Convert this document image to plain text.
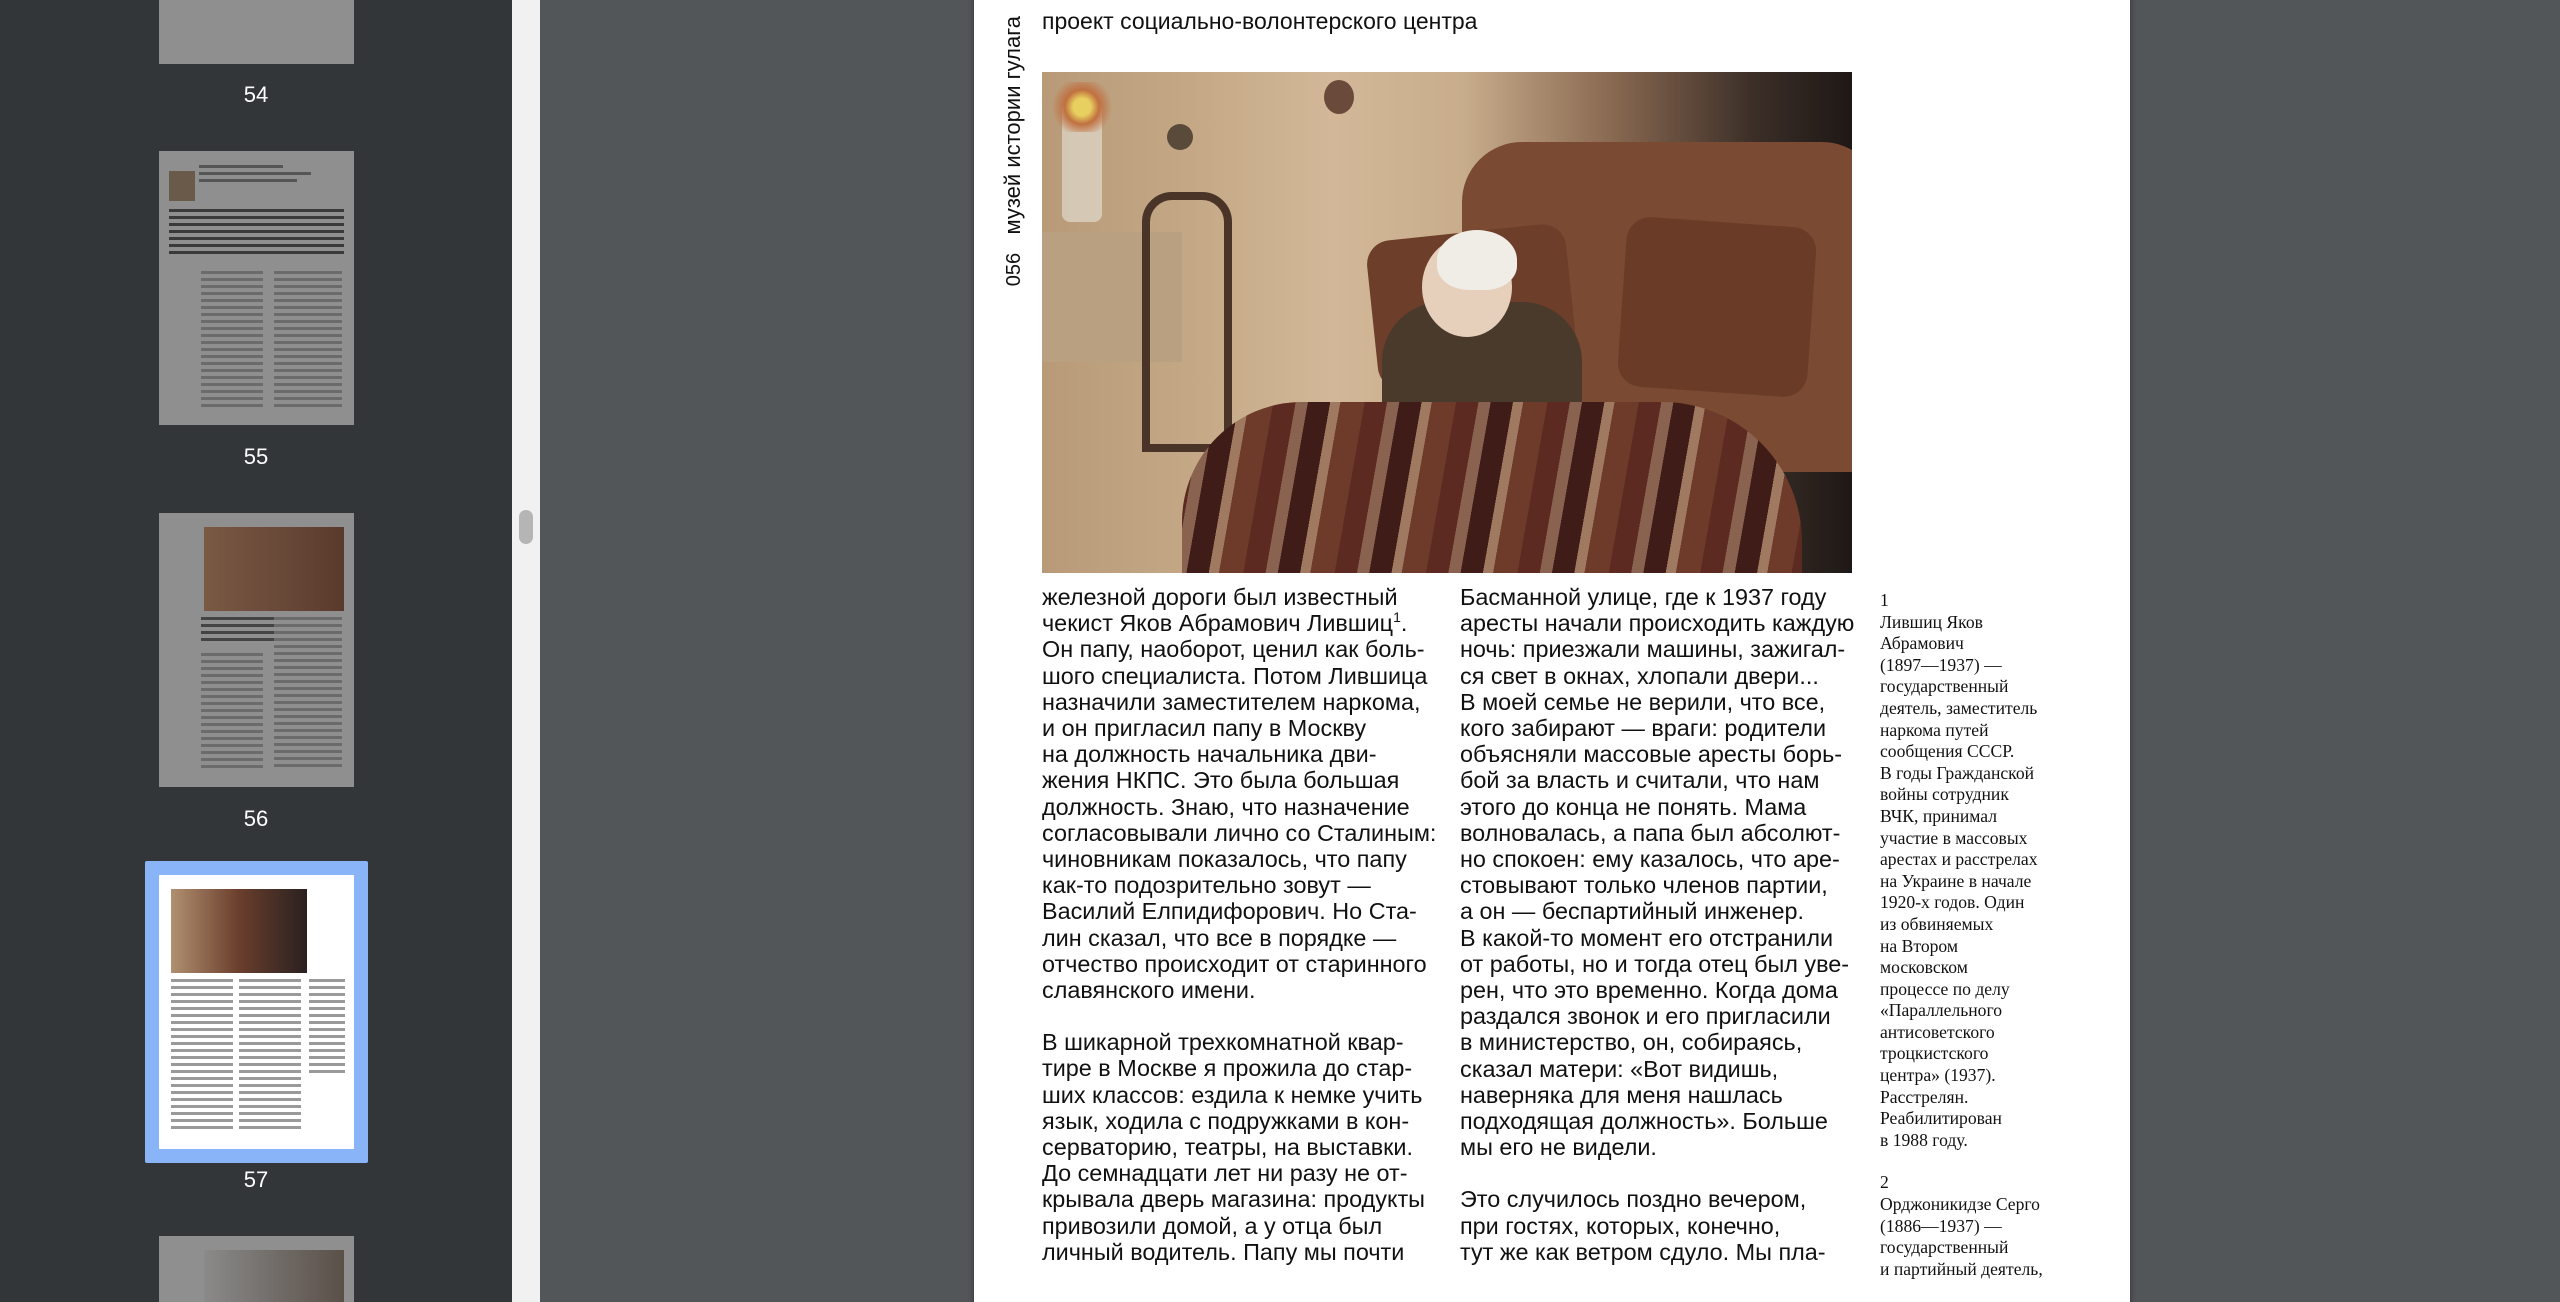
54
55
56
57
056   музей истории гулага проект социально-волонтерского центра

железной дороги был известный

чекист Яков Абрамович Лившиц$^1$.

Он папу, наоборот, ценил как боль-

шого специалиста. Потом Лившица

назначили заместителем наркома,

и он пригласил папу в Москву

на должность начальника дви-

жения НКПС. Это была большая

должность. Знаю, что назначение

согласовывали лично со Сталиным:

чиновникам показалось, что папу

как-то подозрительно зовут —

Василий Елпидифорович. Но Ста-

лин сказал, что все в порядке —

отчество происходит от старинного

славянского имени.

В шикарной трехкомнатной квар-

тире в Москве я прожила до стар-

ших классов: ездила к немке учить

язык, ходила с подружками в кон-

серваторию, театры, на выставки.

До семнадцати лет ни разу не от-

крывала дверь магазина: продукты

привозили домой, а у отца был

личный водитель. Папу мы почти

Басманной улице, где к 1937 году

аресты начали происходить каждую

ночь: приезжали машины, зажигал-

ся свет в окнах, хлопали двери...

В моей семье не верили, что все,

кого забирают — враги: родители

объясняли массовые аресты борь-

бой за власть и считали, что нам

этого до конца не понять. Мама

волновалась, а папа был абсолют-

но спокоен: ему казалось, что аре-

стовывают только членов партии,

а он — беспартийный инженер.

В какой-то момент его отстранили

от работы, но и тогда отец был уве-

рен, что это временно. Когда дома

раздался звонок и его пригласили

в министерство, он, собираясь,

сказал матери: «Вот видишь,

наверняка для меня нашлась

подходящая должность». Больше

мы его не видели.

Это случилось поздно вечером,

при гостях, которых, конечно,

тут же как ветром сдуло. Мы пла-

1

Лившиц Яков

Абрамович

(1897—1937) —

государственный

деятель, заместитель

наркома путей

сообщения СССР.

В годы Гражданской

войны сотрудник

ВЧК, принимал

участие в массовых

арестах и расстрелах

на Украине в начале

1920-х годов. Один

из обвиняемых

на Втором

московском

процессе по делу

«Параллельного

антисоветского

троцкистского

центра» (1937).

Расстрелян.

Реабилитирован

в 1988 году.

2

Орджоникидзе Серго

(1886—1937) —

государственный

и партийный деятель,
